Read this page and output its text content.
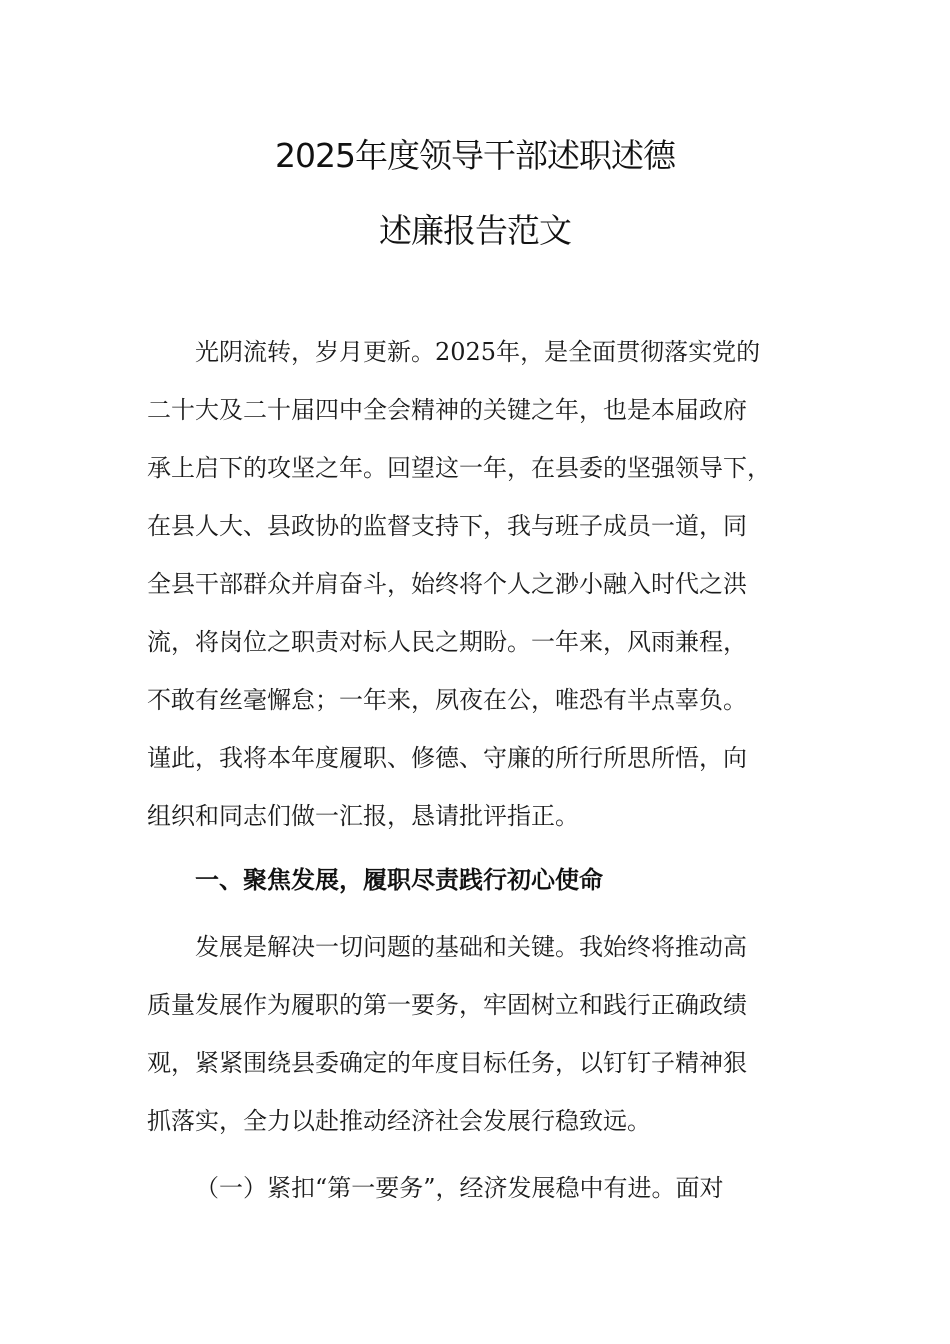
2025年度领导干部述职述德
述廉报告范文
光阴流转，岁月更新。2025年，是全面贯彻落实党的
二十大及二十届四中全会精神的关键之年，也是本届政府
承上启下的攻坚之年。回望这一年，在县委的坚强领导下，
在县人大、县政协的监督支持下，我与班子成员一道，同
全县干部群众并肩奋斗，始终将个人之渺小融入时代之洪
流，将岗位之职责对标人民之期盼。一年来，风雨兼程，
不敢有丝毫懈怠；一年来，夙夜在公，唯恐有半点辜负。
谨此，我将本年度履职、修德、守廉的所行所思所悟，向
组织和同志们做一汇报，恳请批评指正。
一、聚焦发展，履职尽责践行初心使命
发展是解决一切问题的基础和关键。我始终将推动高
质量发展作为履职的第一要务，牢固树立和践行正确政绩
观，紧紧围绕县委确定的年度目标任务，以钉钉子精神狠
抓落实，全力以赴推动经济社会发展行稳致远。
（一）紧扣“第一要务”，经济发展稳中有进。面对
